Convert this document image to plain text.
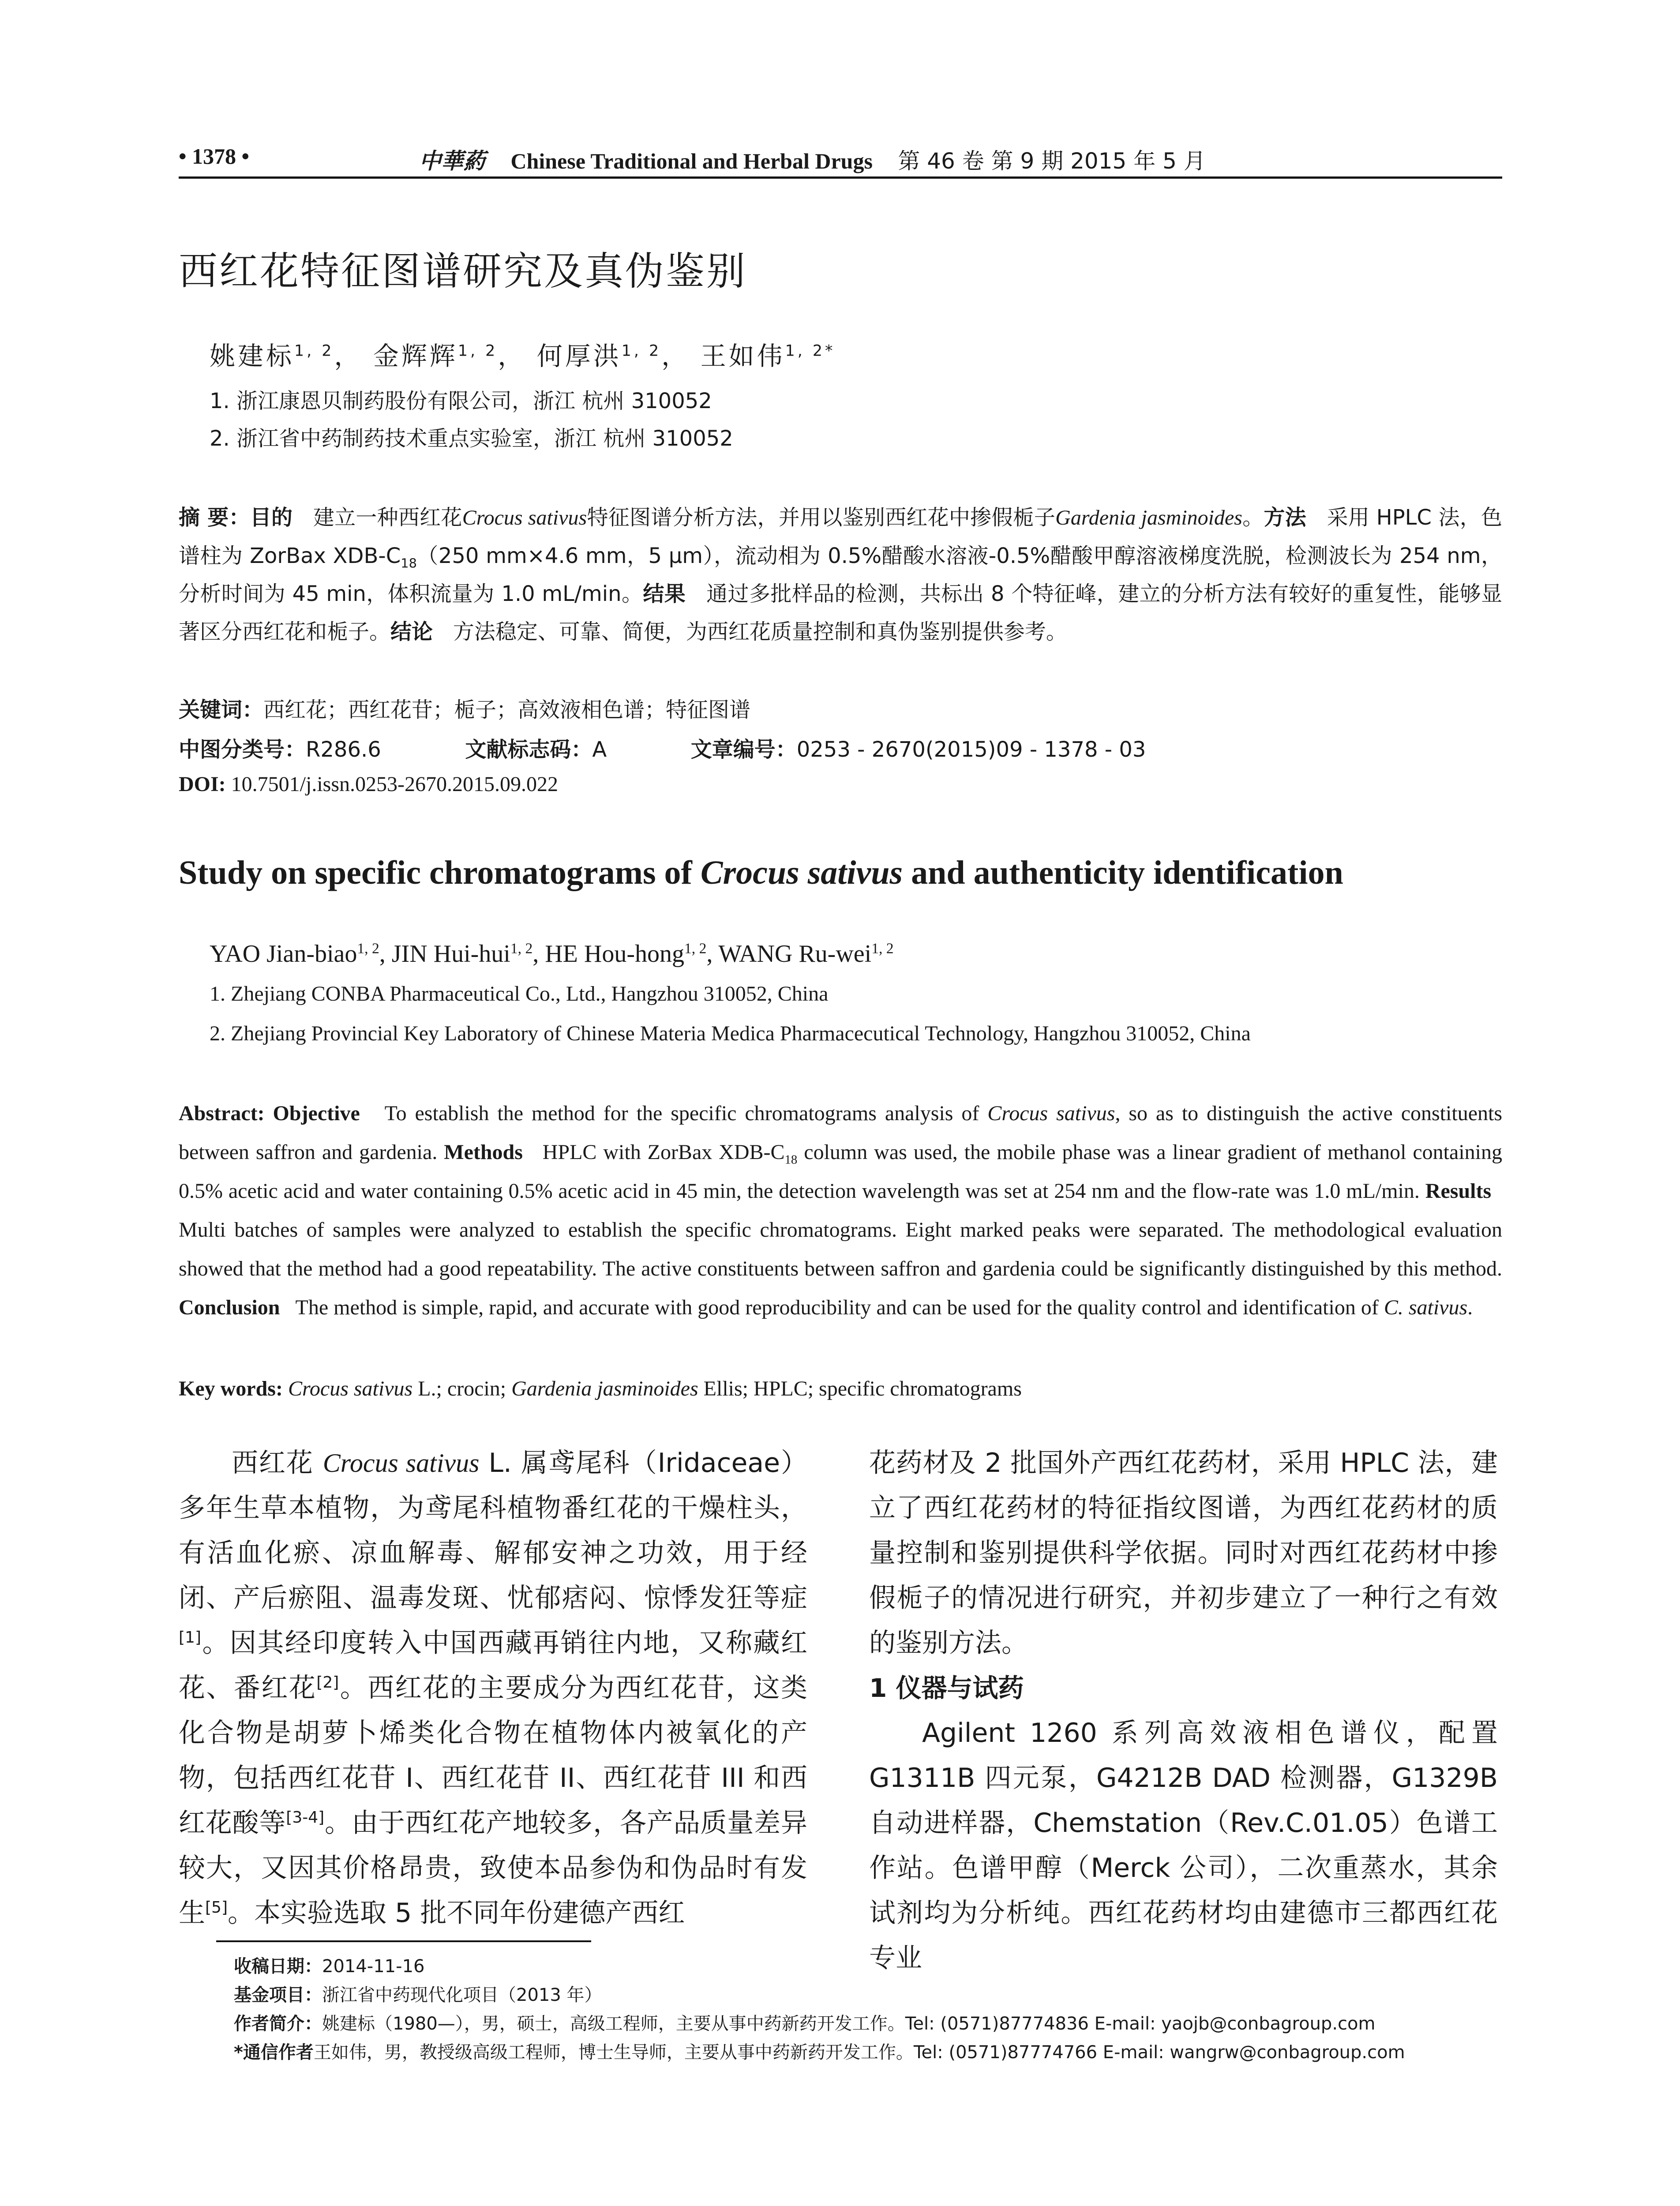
• 1378 •	中華葯 Chinese Traditional and Herbal Drugs 第 46 卷 第 9 期 2015 年 5 月
西红花特征图谱研究及真伪鉴别
姚建标$^{1, 2}$， 金辉辉$^{1, 2}$， 何厚洪$^{1, 2}$， 王如伟$^{1, 2*}$
1. 浙江康恩贝制药股份有限公司，浙江 杭州 310052
2. 浙江省中药制药技术重点实验室，浙江 杭州 310052
摘 要：目的 建立一种西红花Crocus sativus特征图谱分析方法，并用以鉴别西红花中掺假栀子Gardenia jasminoides。方法 采用 HPLC 法，色谱柱为 ZorBax XDB-$C_{18}(250$ mm×4.6 mm，5 μm），流动相为 0.5%醋酸水溶液-0.5%醋酸甲醇溶液梯度洗脱，检测波长为 254 nm，分析时间为 45 min，体积流量为 1.0 mL/min。结果 通过多批样品的检测，共标出 8 个特征峰，建立的分析方法有较好的重复性，能够显著区分西红花和栀子。结论 方法稳定、可靠、简便，为西红花质量控制和真伪鉴别提供参考。
关键词：西红花；西红花苷；栀子；高效液相色谱；特征图谱
中图分类号：R286.6	文献标志码：A	文章编号：0253 - 2670(2015)09 - 1378 - 03
DOI: 10.7501/j.issn.0253-2670.2015.09.022
Study on specific chromatograms of Crocus sativus and authenticity identification
YAO Jian-biao$^{1, 2}$, JIN Hui-hui$^{1, 2}$, HE Hou-hong$^{1, 2}$, WANG Ru-wei$^{1, 2}$
1. Zhejiang CONBA Pharmaceutical Co., Ltd., Hangzhou 310052, China
2. Zhejiang Provincial Key Laboratory of Chinese Materia Medica Pharmacecutical Technology, Hangzhou 310052, China
Abstract: Objective To establish the method for the specific chromatograms analysis of Crocus sativus, so as to distinguish the active constituents between saffron and gardenia. Methods HPLC with ZorBax XDB-$C_{18}$ column was used, the mobile phase was a linear gradient of methanol containing 0.5% acetic acid and water containing 0.5% acetic acid in 45 min, the detection wavelength was set at 254 nm and the flow-rate was 1.0 mL/min. Results   Multi batches of samples were analyzed to establish the specific chromatograms. Eight marked peaks were separated. The methodological evaluation showed that the method had a good repeatability. The active constituents between saffron and gardenia could be significantly distinguished by this method. Conclusion The method is simple, rapid, and accurate with good reproducibility and can be used for the quality control and identification of C. sativus.
Key words: Crocus sativus L.; crocin; Gardenia jasminoides Ellis; HPLC; specific chromatograms

西红花 Crocus sativus L. 属鸢尾科（Iridaceae）多年生草本植物，为鸢尾科植物番红花的干燥柱头，有活血化瘀、凉血解毒、解郁安神之功效，用于经闭、产后瘀阻、温毒发斑、忧郁痞闷、惊悸发狂等症[1]。因其经印度转入中国西藏再销往内地，又称藏红花、番红花[2]。西红花的主要成分为西红花苷，这类化合物是胡萝卜烯类化合物在植物体内被氧化的产物，包括西红花苷 I、西红花苷 II、西红花苷 III 和西红花酸等[3-4]。由于西红花产地较多，各产品质量差异较大，又因其价格昂贵，致使本品参伪和伪品时有发生[5]。本实验选取 5 批不同年份建德产西红

花药材及 2 批国外产西红花药材，采用 HPLC 法，建立了西红花药材的特征指纹图谱，为西红花药材的质量控制和鉴别提供科学依据。同时对西红花药材中掺假栀子的情况进行研究，并初步建立了一种行之有效的鉴别方法。

1 仪器与试药

Agilent 1260 系列高效液相色谱仪，配置 G1311B 四元泵，G4212B DAD 检测器，G1329B 自动进样器，Chemstation（Rev.C.01.05）色谱工作站。色谱甲醇（Merck 公司），二次重蒸水，其余试剂均为分析纯。西红花药材均由建德市三都西红花专业

收稿日期：2014-11-16
基金项目：浙江省中药现代化项目（2013 年）
作者简介：姚建标（1980—），男，硕士，高级工程师，主要从事中药新药开发工作。Tel: (0571)87774836 E-mail: yaojb@conbagroup.com
*通信作者王如伟，男，教授级高级工程师，博士生导师，主要从事中药新药开发工作。Tel: (0571)87774766 E-mail: wangrw@conbagroup.com
